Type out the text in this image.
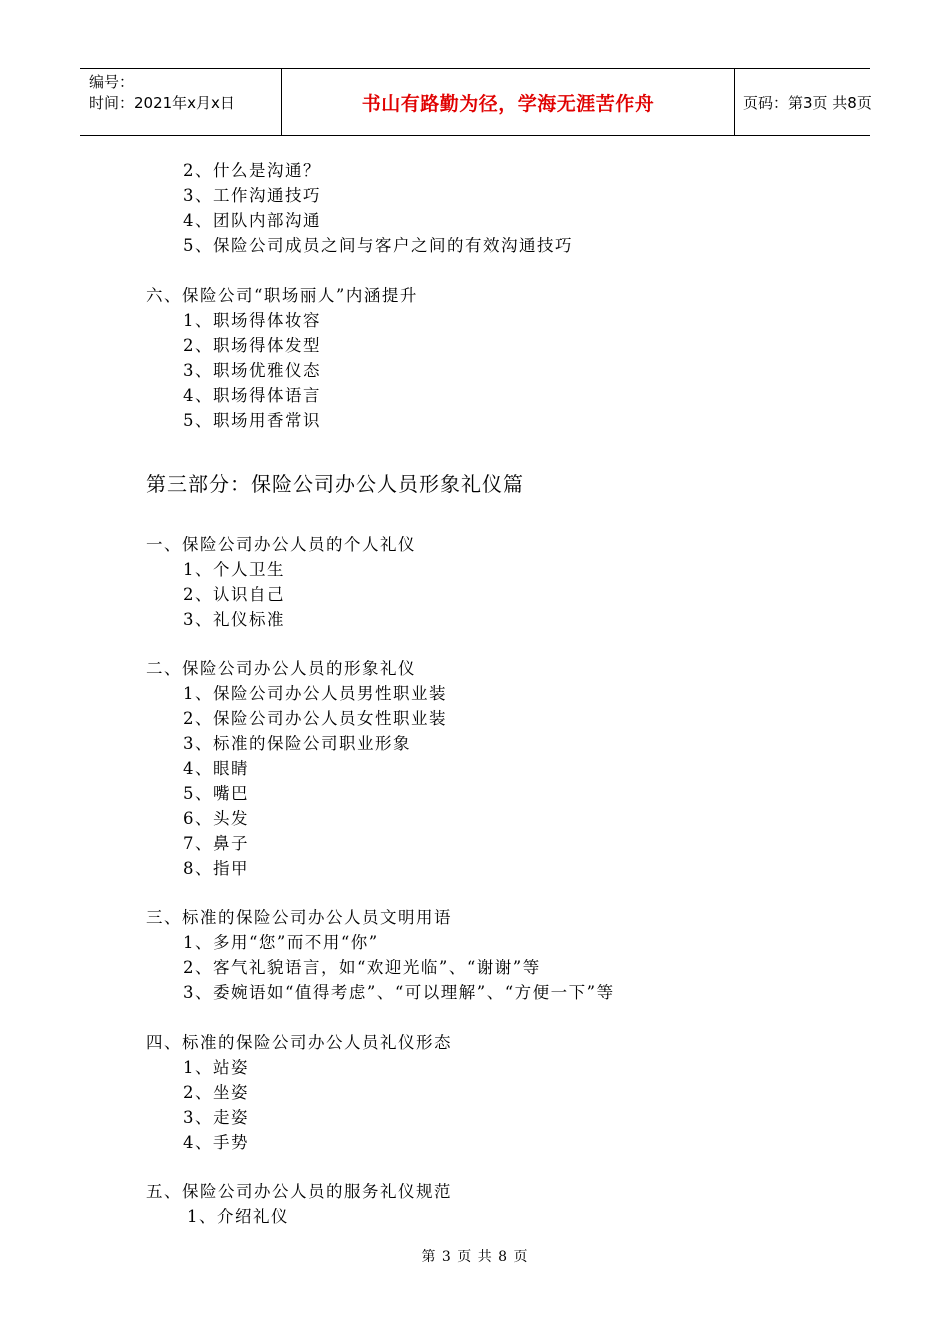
编号：
时间：2021年x月x日	书山有路勤为径，学海无涯苦作舟	页码：第3页 共8页
2、什么是沟通？
3、工作沟通技巧
4、团队内部沟通
5、保险公司成员之间与客户之间的有效沟通技巧
六、保险公司“职场丽人”内涵提升
1、职场得体妆容
2、职场得体发型
3、职场优雅仪态
4、职场得体语言
5、职场用香常识
第三部分：保险公司办公人员形象礼仪篇
一、保险公司办公人员的个人礼仪
1、个人卫生
2、认识自己
3、礼仪标准
二、保险公司办公人员的形象礼仪
1、保险公司办公人员男性职业装
2、保险公司办公人员女性职业装
3、标准的保险公司职业形象
4、眼睛
5、嘴巴
6、头发
7、鼻子
8、指甲
三、标准的保险公司办公人员文明用语
1、多用“您”而不用“你”
2、客气礼貌语言，如“欢迎光临”、“谢谢”等
3、委婉语如“值得考虑”、“可以理解”、“方便一下”等
四、标准的保险公司办公人员礼仪形态
1、站姿
2、坐姿
3、走姿
4、手势
五、保险公司办公人员的服务礼仪规范
1、介绍礼仪
第 3 页 共 8 页
